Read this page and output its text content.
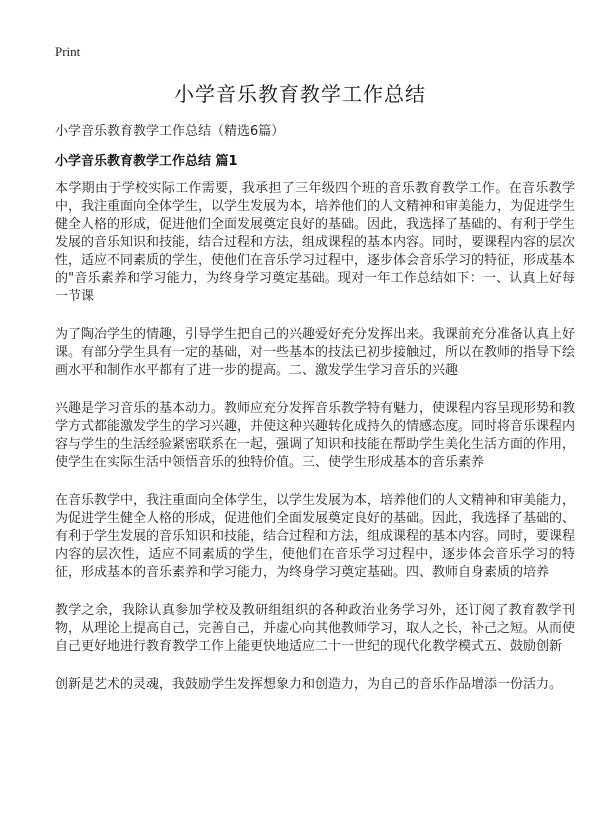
Print
小学音乐教育教学工作总结
小学音乐教育教学工作总结（精选6篇）
小学音乐教育教学工作总结 篇1

本学期由于学校实际工作需要，我承担了三年级四个班的音乐教育教学工作。在音乐教学中，我注重面向全体学生，以学生发展为本，培养他们的人文精神和审美能力，为促进学生健全人格的形成，促进他们全面发展奠定良好的基础。因此，我选择了基础的、有利于学生发展的音乐知识和技能，结合过程和方法，组成课程的基本内容。同时，要课程内容的层次性，适应不同素质的学生，使他们在音乐学习过程中，逐步体会音乐学习的特征，形成基本的"音乐素养和学习能力，为终身学习奠定基础。现对一年工作总结如下：一、认真上好每一节课

为了陶冶学生的情趣，引导学生把自己的兴趣爱好充分发挥出来。我课前充分准备认真上好课。有部分学生具有一定的基础，对一些基本的技法已初步接触过，所以在教师的指导下绘画水平和制作水平都有了进一步的提高。二、激发学生学习音乐的兴趣

兴趣是学习音乐的基本动力。教师应充分发挥音乐教学特有魅力，使课程内容呈现形势和教学方式都能激发学生的学习兴趣，并使这种兴趣转化成持久的情感态度。同时将音乐课程内容与学生的生活经验紧密联系在一起，强调了知识和技能在帮助学生美化生活方面的作用，使学生在实际生活中领悟音乐的独特价值。三、使学生形成基本的音乐素养

在音乐教学中，我注重面向全体学生，以学生发展为本，培养他们的人文精神和审美能力，为促进学生健全人格的形成，促进他们全面发展奠定良好的基础。因此，我选择了基础的、有利于学生发展的音乐知识和技能，结合过程和方法，组成课程的基本内容。同时，要课程内容的层次性，适应不同素质的学生，使他们在音乐学习过程中，逐步体会音乐学习的特征，形成基本的音乐素养和学习能力，为终身学习奠定基础。四、教师自身素质的培养

教学之余，我除认真参加学校及教研组组织的各种政治业务学习外，还订阅了教育教学刊物，从理论上提高自己，完善自己，并虚心向其他教师学习，取人之长，补己之短。从而使自己更好地进行教育教学工作上能更快地适应二十一世纪的现代化教学模式五、鼓励创新

创新是艺术的灵魂，我鼓励学生发挥想象力和创造力，为自己的音乐作品增添一份活力。
